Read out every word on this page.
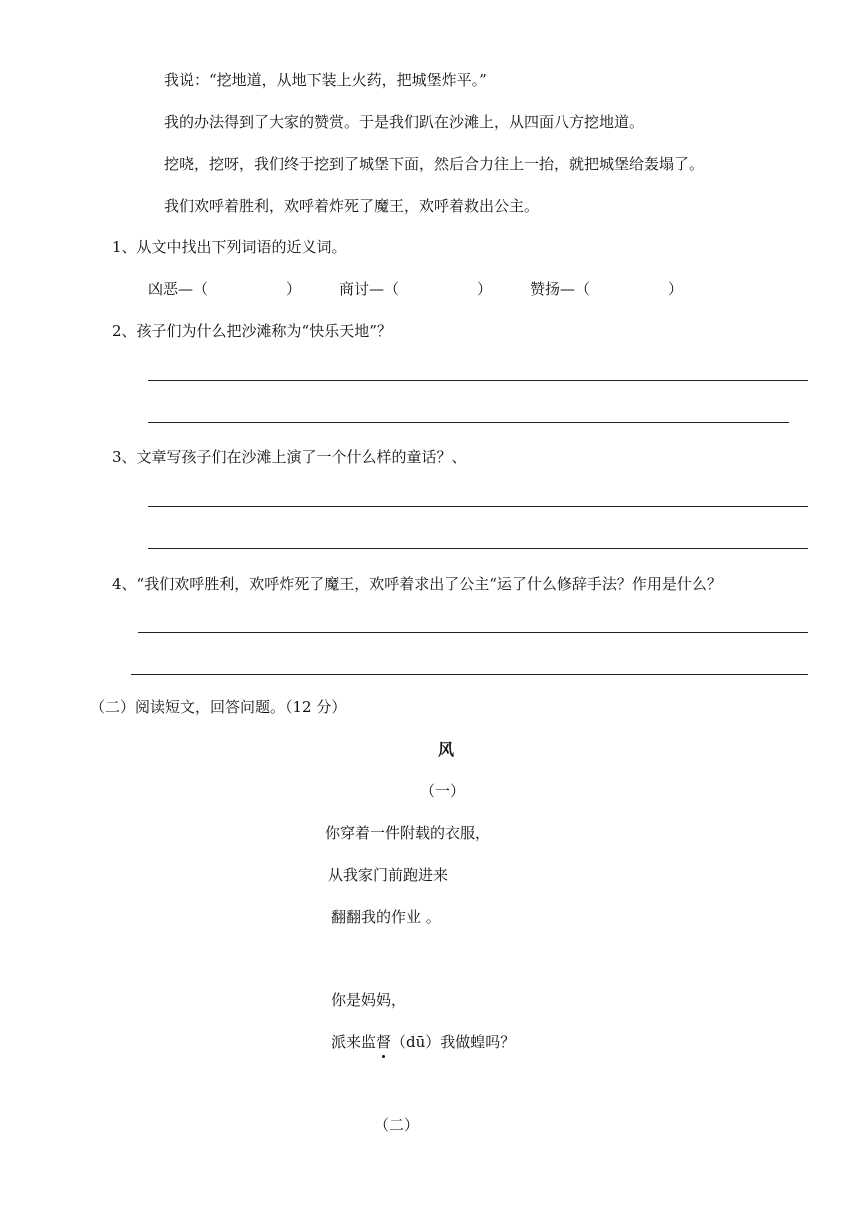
我说：“挖地道，从地下装上火药，把城堡炸平。”
我的办法得到了大家的赞赏。于是我们趴在沙滩上，从四面八方挖地道。
挖哓，挖呀，我们终于挖到了城堡下面，然后合力往上一抬，就把城堡给轰塌了。
我们欢呼着胜利，欢呼着炸死了魔王，欢呼着救出公主。
1、从文中找出下列词语的近义词。
凶恶—（	）	商讨—（	）	赞扬—（	）
2、孩子们为什么把沙滩称为“快乐天地”？
3、文章写孩子们在沙滩上演了一个什么样的童话？、
4、“我们欢呼胜利，欢呼炸死了魔王，欢呼着求出了公主“运了什么修辞手法？作用是什么？
（二）阅读短文，回答问题。（12 分）
风
（一）
你穿着一件附载的衣服，
从我家门前跑进来
翻翻我的作业 。
你是妈妈，
派来监督（dū）我做蝗吗？
（二）
